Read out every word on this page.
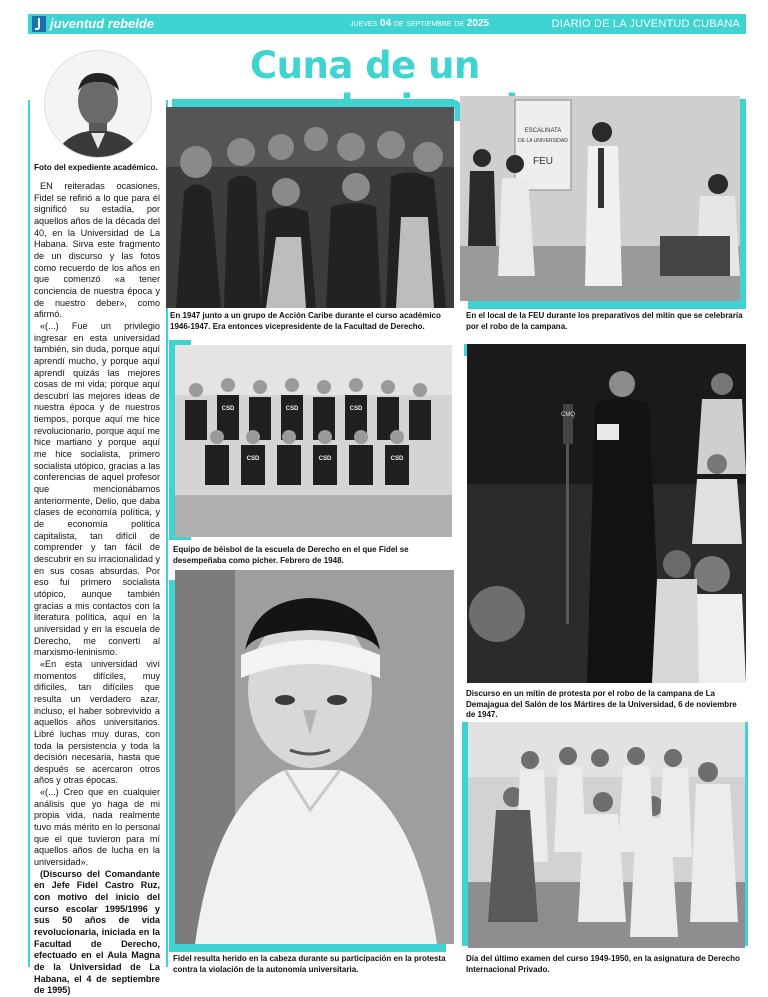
juventud rebelde	jueves 04 de septiembre de 2025	DIARIO DE LA JUVENTUD CUBANA
Cuna de un
Foto del expediente académico.

EN reiteradas ocasiones, Fidel se refirió a lo que para él significó su estadía, por aquellos años de la década del 40, en la Universidad de La Habana. Sirva este fragmento de un discurso y las fotos como recuerdo de los años en que comenzó «a tener conciencia de nuestra época y de nuestro deber», como afirmó.

«(...) Fue un privilegio ingresar en esta universidad también, sin duda, porque aquí aprendí mucho, y porque aquí aprendí quizás las mejores cosas de mi vida; porque aquí descubrí las mejores ideas de nuestra época y de nuestros tiempos, porque aquí me hice revolucionario, porque aquí me hice martiano y porque aquí me hice socialista, primero socialista utópico, gracias a las conferencias de aquel profesor que mencionábamos anteriormente, Delio, que daba clases de economía política, y de economía política capitalista, tan difícil de comprender y tan fácil de descubrir en su irracionalidad y en sus cosas absurdas. Por eso fui primero socialista utópico, aunque también gracias a mis contactos con la literatura política, aquí en la universidad y en la escuela de Derecho, me convertí al marxismo-leninismo.

«En esta universidad viví momentos difíciles, muy difíciles, tan difíciles que resulta un verdadero azar, incluso, el haber sobrevivido a aquellos años universitarios. Libré luchas muy duras, con toda la persistencia y toda la decisión necesaria, hasta que después se acercaron otros años y otras épocas.

«(...) Creo que en cualquier análisis que yo haga de mi propia vida, nada realmente tuvo más mérito en lo personal que el que tuvieron para mí aquellos años de lucha en la universidad».

(Discurso del Comandante en Jefe Fidel Castro Ruz, con motivo del inicio del curso escolar 1995/1996 y sus 50 años de vida revolucionaria, iniciada en la Facultad de Derecho, efectuado en el Aula Magna de la Universidad de La Habana, el 4 de septiembre de 1995)

En 1947 junto a un grupo de Acción Caribe durante el curso académico 1946-1947. Era entonces vicepresidente de la Facultad de Derecho.
ESCALINATA
DE LA UNIVERSIDAD
FEU
En el local de la FEU durante los preparativos del mitin que se celebraría por el robo de la campana.
CSD	CSD	CSD
CSD	CSD	CSD
Equipo de béisbol de la escuela de Derecho en el que Fidel se desempeñaba como pícher. Febrero de 1948.
CMQ
Discurso en un mitin de protesta por el robo de la campana de La Demajagua del Salón de los Mártires de la Universidad, 6 de noviembre de 1947.
Fidel resulta herido en la cabeza durante su participación en la protesta contra la violación de la autonomía universitaria.
Día del último examen del curso 1949-1950, en la asignatura de Derecho Internacional Privado.
